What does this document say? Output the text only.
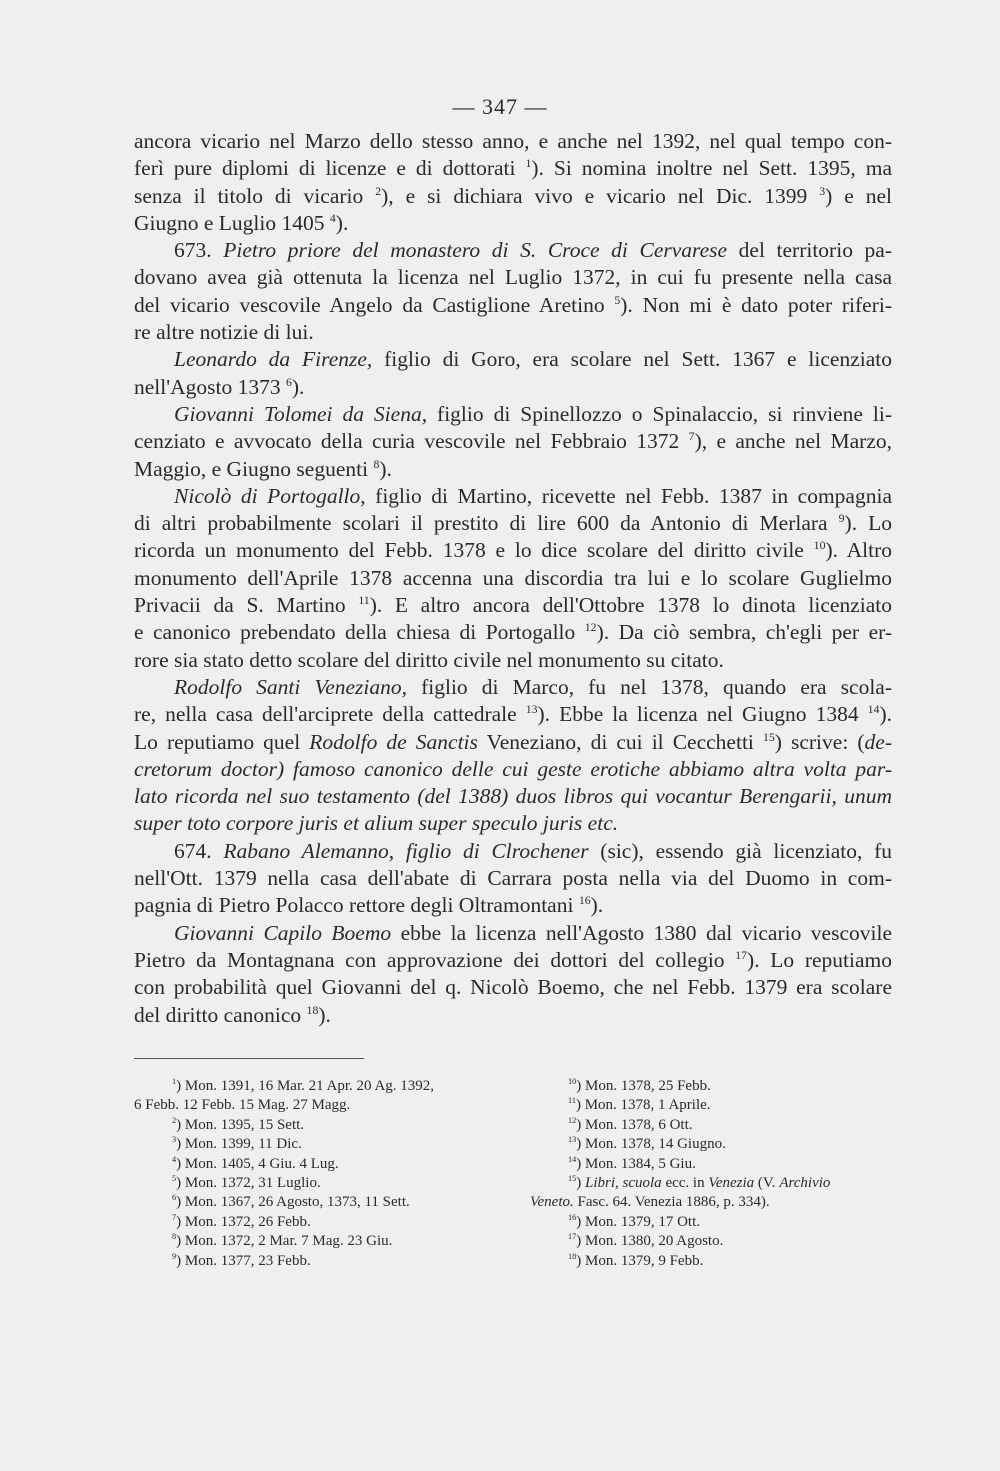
— 347 —
ancora vicario nel Marzo dello stesso anno, e anche nel 1392, nel qual tempo con-
ferì pure diplomi di licenze e di dottorati $^1$). Si nomina inoltre nel Sett. 1395, ma
senza il titolo di vicario $^2$), e si dichiara vivo e vicario nel Dic. 1399 $^3$) e nel
Giugno e Luglio 1405 $^4$).
673. Pietro priore del monastero di S. Croce di Cervarese del territorio pa-
dovano avea già ottenuta la licenza nel Luglio 1372, in cui fu presente nella casa
del vicario vescovile Angelo da Castiglione Aretino $^5$). Non mi è dato poter riferi-
re altre notizie di lui.
Leonardo da Firenze, figlio di Goro, era scolare nel Sett. 1367 e licenziato
nell'Agosto 1373 $^6$).
Giovanni Tolomei da Siena, figlio di Spinellozzo o Spinalaccio, si rinviene li-
cenziato e avvocato della curia vescovile nel Febbraio 1372 $^7$), e anche nel Marzo,
Maggio, e Giugno seguenti $^8$).
Nicolò di Portogallo, figlio di Martino, ricevette nel Febb. 1387 in compagnia
di altri probabilmente scolari il prestito di lire 600 da Antonio di Merlara $^9$). Lo
ricorda un monumento del Febb. 1378 e lo dice scolare del diritto civile $^{10}$). Altro
monumento dell'Aprile 1378 accenna una discordia tra lui e lo scolare Guglielmo
Privacii da S. Martino $^{11}$). E altro ancora dell'Ottobre 1378 lo dinota licenziato
e canonico prebendato della chiesa di Portogallo $^{12}$). Da ciò sembra, ch'egli per er-
rore sia stato detto scolare del diritto civile nel monumento su citato.
Rodolfo Santi Veneziano, figlio di Marco, fu nel 1378, quando era scola-
re, nella casa dell'arciprete della cattedrale $^{13}$). Ebbe la licenza nel Giugno 1384 $^{14}$).
Lo reputiamo quel Rodolfo de Sanctis Veneziano, di cui il Cecchetti $^{15}$) scrive: (de-
cretorum doctor) famoso canonico delle cui geste erotiche abbiamo altra volta par-
lato ricorda nel suo testamento (del 1388) duos libros qui vocantur Berengarii, unum
super toto corpore juris et alium super speculo juris etc.
674. Rabano Alemanno, figlio di Clrochener (sic), essendo già licenziato, fu
nell'Ott. 1379 nella casa dell'abate di Carrara posta nella via del Duomo in com-
pagnia di Pietro Polacco rettore degli Oltramontani $^{16}$).
Giovanni Capilo Boemo ebbe la licenza nell'Agosto 1380 dal vicario vescovile
Pietro da Montagnana con approvazione dei dottori del collegio $^{17}$). Lo reputiamo
con probabilità quel Giovanni del q. Nicolò Boemo, che nel Febb. 1379 era scolare
del diritto canonico $^{18}$).
$^1$) Mon. 1391, 16 Mar. 21 Apr. 20 Ag. 1392,
6 Febb. 12 Febb. 15 Mag. 27 Magg.
$^2$) Mon. 1395, 15 Sett.
$^3$) Mon. 1399, 11 Dic.
$^4$) Mon. 1405, 4 Giu. 4 Lug.
$^5$) Mon. 1372, 31 Luglio.
$^6$) Mon. 1367, 26 Agosto, 1373, 11 Sett.
$^7$) Mon. 1372, 26 Febb.
$^8$) Mon. 1372, 2 Mar. 7 Mag. 23 Giu.
$^9$) Mon. 1377, 23 Febb.
$^{10}$) Mon. 1378, 25 Febb.
$^{11}$) Mon. 1378, 1 Aprile.
$^{12}$) Mon. 1378, 6 Ott.
$^{13}$) Mon. 1378, 14 Giugno.
$^{14}$) Mon. 1384, 5 Giu.
$^{15}$) Libri, scuola ecc. in Venezia (V. Archivio
Veneto. Fasc. 64. Venezia 1886, p. 334).
$^{16}$) Mon. 1379, 17 Ott.
$^{17}$) Mon. 1380, 20 Agosto.
$^{18}$) Mon. 1379, 9 Febb.
